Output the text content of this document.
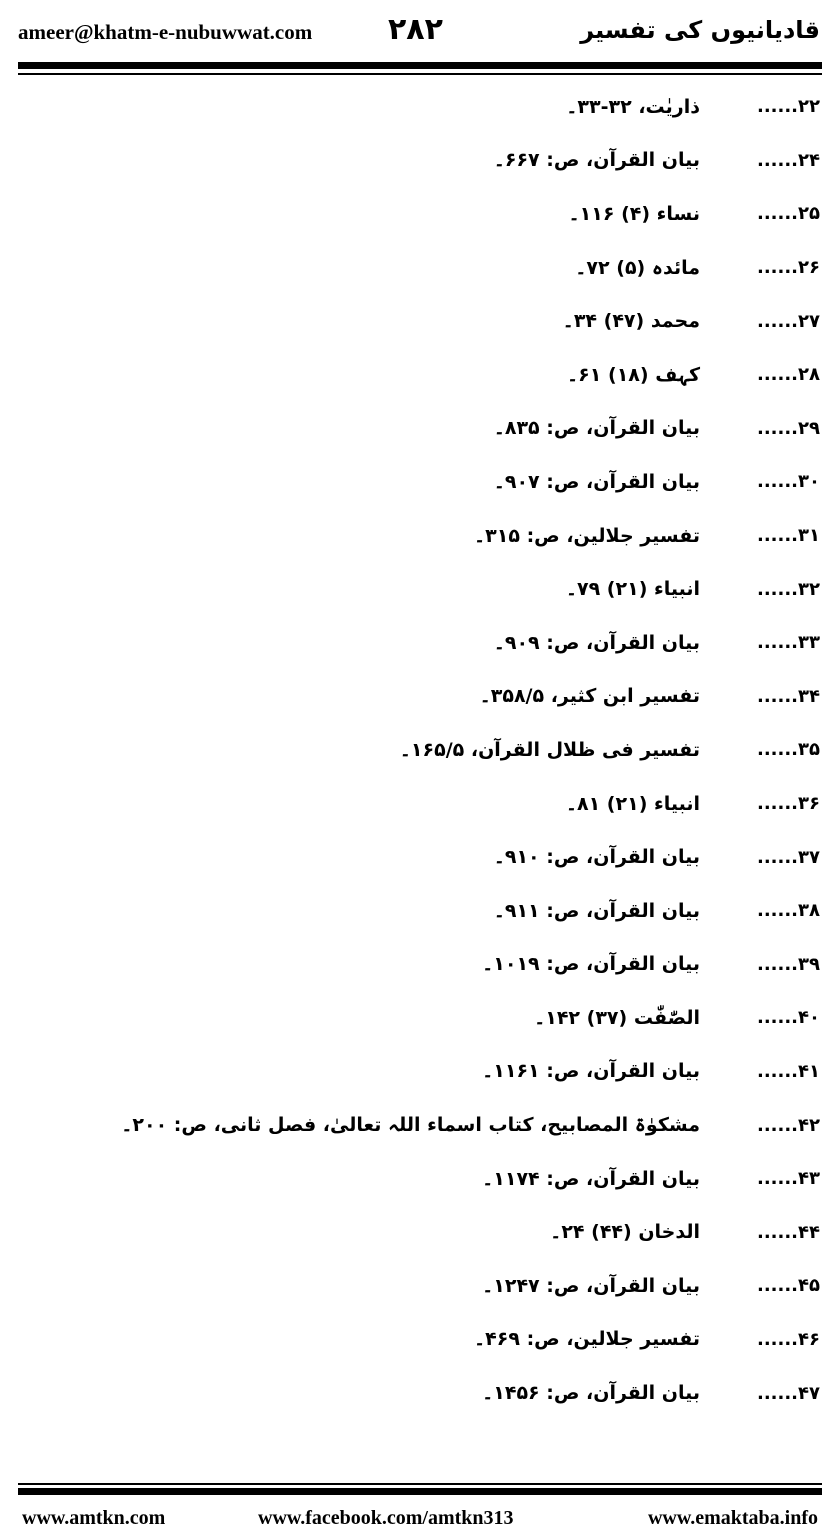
ameer@khatm-e-nubuwwat.com	۲۸۲	قادیانیوں کی تفسیر
۲۲......
ذاریٰت، ۳۲-۳۳۔
۲۴......
بیان القرآن، ص: ۶۶۷۔
۲۵......
نساء (۴) ۱۱۶۔
۲۶......
مائدہ (۵) ۷۲۔
۲۷......
محمد (۴۷) ۳۴۔
۲۸......
کہف (۱۸) ۶۱۔
۲۹......
بیان القرآن، ص: ۸۳۵۔
۳۰......
بیان القرآن، ص: ۹۰۷۔
۳۱......
تفسیر جلالین، ص: ۳۱۵۔
۳۲......
انبیاء (۲۱) ۷۹۔
۳۳......
بیان القرآن، ص: ۹۰۹۔
۳۴......
تفسیر ابن کثیر، ۳۵۸/۵۔
۳۵......
تفسیر فی ظلال القرآن، ۱۶۵/۵۔
۳۶......
انبیاء (۲۱) ۸۱۔
۳۷......
بیان القرآن، ص: ۹۱۰۔
۳۸......
بیان القرآن، ص: ۹۱۱۔
۳۹......
بیان القرآن، ص: ۱۰۱۹۔
۴۰......
الصّٰفّٰت (۳۷) ۱۴۲۔
۴۱......
بیان القرآن، ص: ۱۱۶۱۔
۴۲......
مشکوٰۃ المصابیح، کتاب اسماء اللہ تعالیٰ، فصل ثانی، ص: ۲۰۰۔
۴۳......
بیان القرآن، ص: ۱۱۷۴۔
۴۴......
الدخان (۴۴) ۲۴۔
۴۵......
بیان القرآن، ص: ۱۲۴۷۔
۴۶......
تفسیر جلالین، ص: ۴۶۹۔
۴۷......
بیان القرآن، ص: ۱۴۵۶۔
www.amtkn.com	www.facebook.com/amtkn313	www.emaktaba.info
